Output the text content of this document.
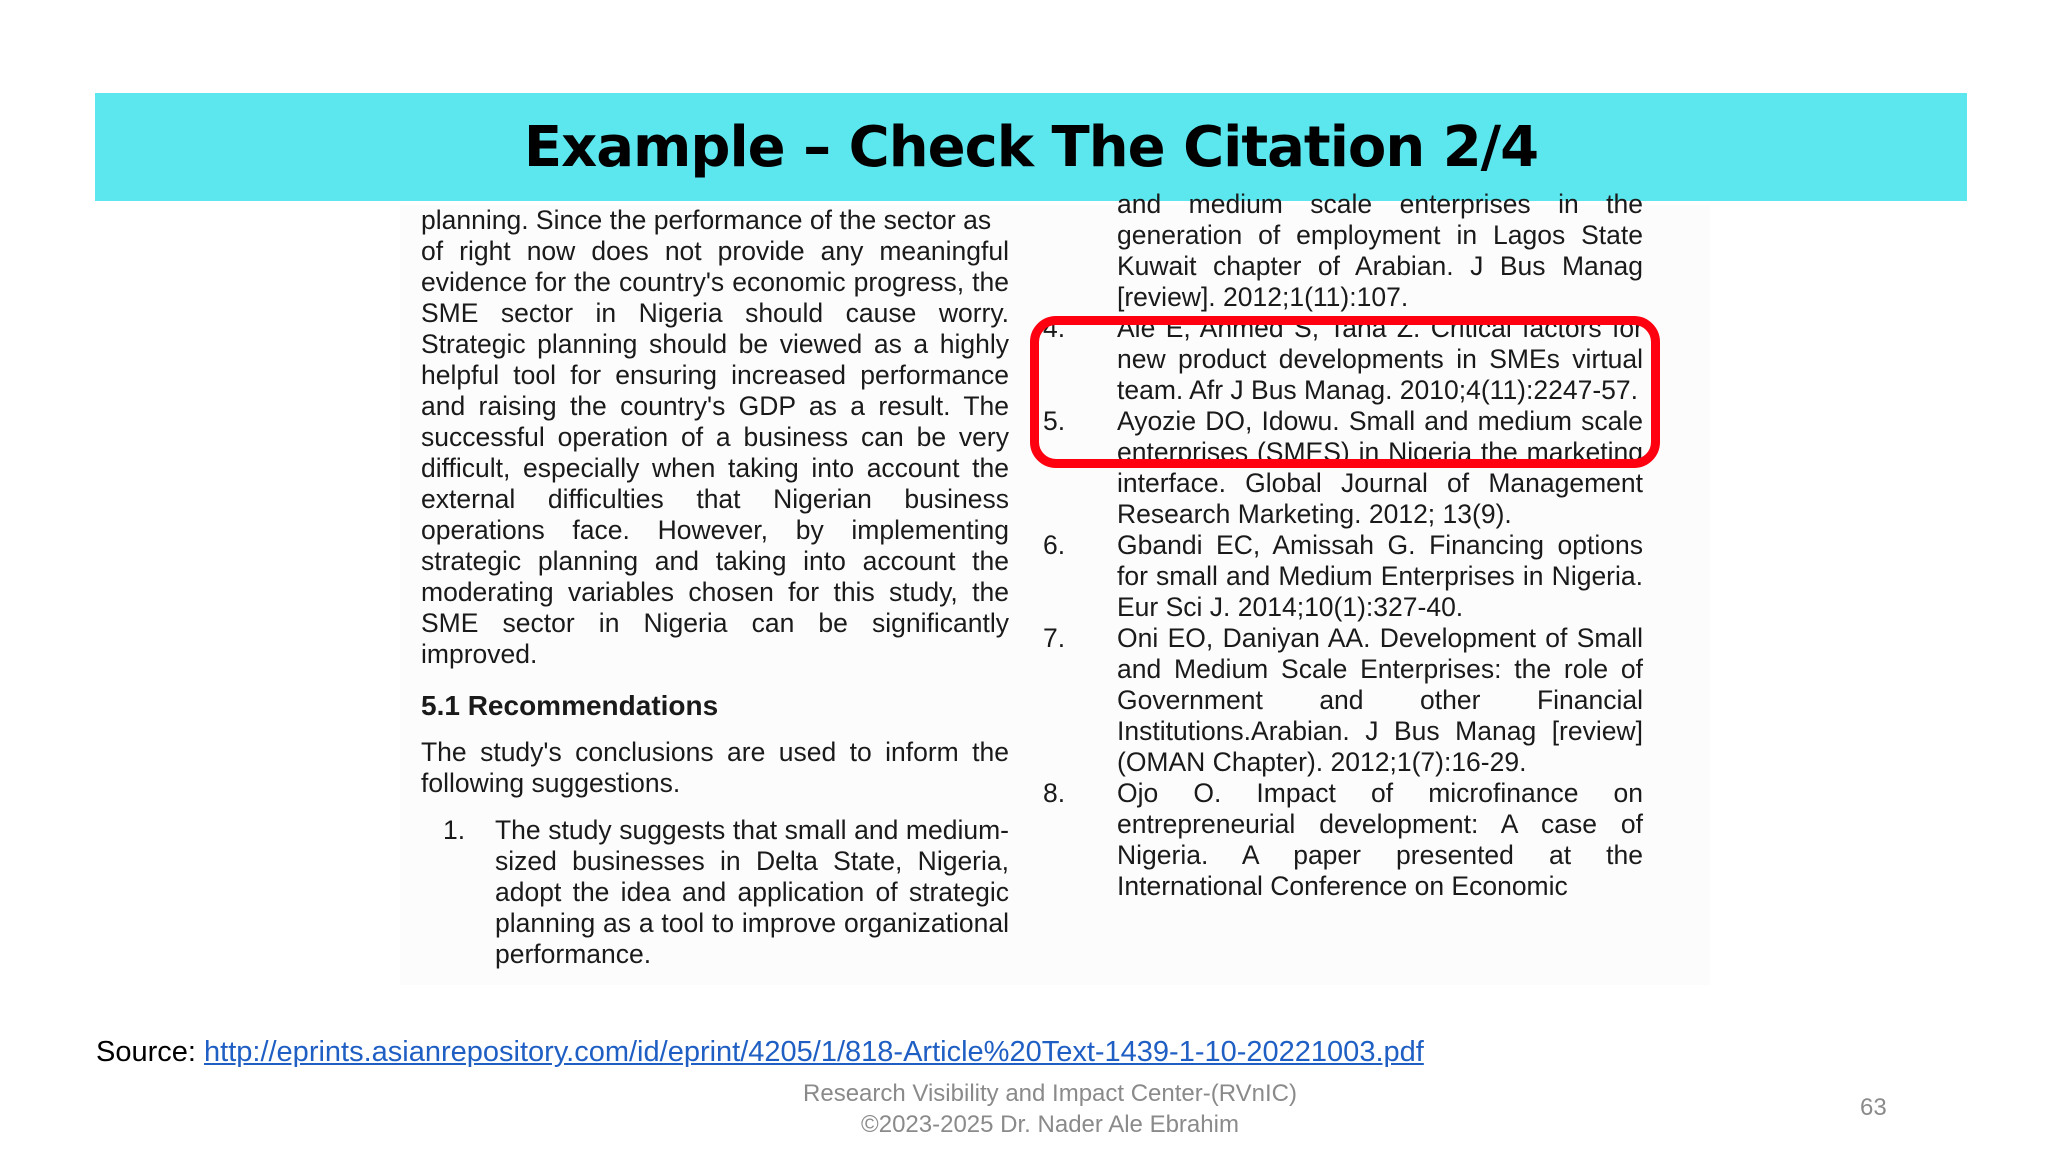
Example – Check The Citation 2/4

planning. Since the performance of the sector as

of right now does not provide any meaningful evidence for the country's economic progress, the SME sector in Nigeria should cause worry. Strategic planning should be viewed as a highly helpful tool for ensuring increased performance and raising the country's GDP as a result. The successful operation of a business can be very difficult, especially when taking into account the external difficulties that Nigerian business operations face. However, by implementing strategic planning and taking into account the moderating variables chosen for this study, the SME sector in Nigeria can be significantly improved.

5.1 Recommendations

The study's conclusions are used to inform the following suggestions.

1.	The study suggests that small and medium-sized businesses in Delta State, Nigeria, adopt the idea and application of strategic planning as a tool to improve organizational performance.
and medium scale enterprises in the generation of employment in Lagos State Kuwait chapter of Arabian. J Bus Manag [review]. 2012;1(11):107.
4.	Ale E, Ahmed S, Taha Z. Critical factors for new product developments in SMEs virtual team. Afr J Bus Manag. 2010;4(11):2247-57.
5.	Ayozie DO, Idowu. Small and medium scale enterprises (SMES) in Nigeria the marketing interface. Global Journal of Management Research Marketing. 2012; 13(9).
6.	Gbandi EC, Amissah G. Financing options for small and Medium Enterprises in Nigeria. Eur Sci J. 2014;10(1):327-40.
7.	Oni EO, Daniyan AA. Development of Small and Medium Scale Enterprises: the role of Government and other Financial Institutions.Arabian. J Bus Manag [review] (OMAN Chapter). 2012;1(7):16-29.
8.	Ojo O. Impact of microfinance on entrepreneurial development: A case of Nigeria. A paper presented at the International Conference on Economic
Source: http://eprints.asianrepository.com/id/eprint/4205/1/818-Article%20Text-1439-1-10-20221003.pdf
Research Visibility and Impact Center-(RVnIC)
©2023-2025 Dr. Nader Ale Ebrahim
63
